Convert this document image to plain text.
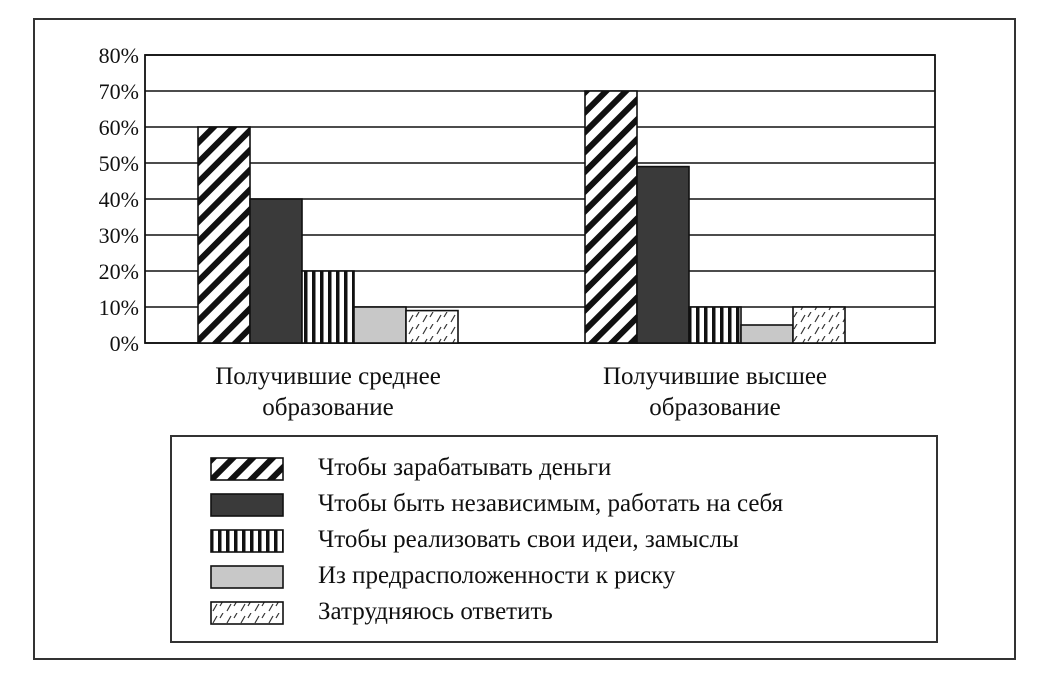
0%
10%
20%
30%
40%
50%
60%
70%
80%
Получившие среднее
образование
Получившие высшее
образование
Чтобы зарабатывать деньги
Чтобы быть независимым, работать на себя
Чтобы реализовать свои идеи, замыслы
Из предрасположенности к риску
Затрудняюсь ответить
